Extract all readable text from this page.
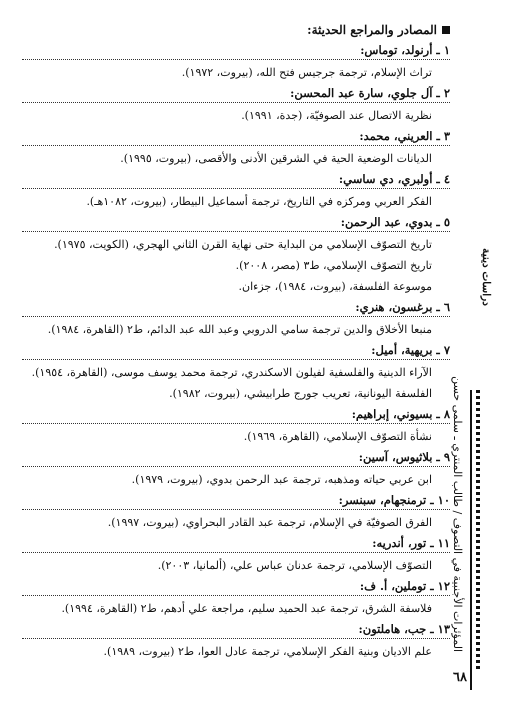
المصادر والمراجع الحديثة:
١ ـ أرنولد، توماس:
تراث الإسلام، ترجمة جرجيس فتح الله، (بيروت، ١٩٧٢).
٢ ـ آل جلوي، سارة عبد المحسن:
نظرية الاتصال عند الصوفيّة، (جدة، ١٩٩١).
٣ ـ العريني، محمد:
الديانات الوضعية الحية في الشرقين الأدنى والأقصى، (بيروت، ١٩٩٥).
٤ ـ أولبري، دي ساسي:
الفكر العربي ومركزه في التاريخ، ترجمة أسماعيل البيطار، (بيروت، ١٠٨٢هـ).
٥ ـ بدوي، عبد الرحمن:
تاريخ التصوّف الإسلامي من البداية حتى نهاية القرن الثاني الهجري، (الكويت، ١٩٧٥).
تاريخ التصوّف الإسلامي، ط٣ (مصر، ٢٠٠٨).
موسوعة الفلسفة، (بيروت، ١٩٨٤)، جزءان.
٦ ـ برغسون، هنري:
منبعا الأخلاق والدين ترجمة سامي الدروبي وعبد الله عبد الدائم، ط٢ (القاهرة، ١٩٨٤).
٧ ـ بريهية، أميل:
الآراء الدينية والفلسفية لفيلون الاسكندري، ترجمة محمد يوسف موسى، (القاهرة، ١٩٥٤).
الفلسفة اليونانية، تعريب جورج طرابيشي، (بيروت، ١٩٨٢).
٨ ـ بسيوني، إبراهيم:
نشأة التصوّف الإسلامي، (القاهرة، ١٩٦٩).
٩ ـ بلاثيوس، آسين:
ابن عربي حياته ومذهبه، ترجمة عبد الرحمن بدوي، (بيروت، ١٩٧٩).
١٠ ـ ترمنجهام، سبنسر:
الفرق الصوفيّة في الإسلام، ترجمة عبد القادر البحراوي، (بيروت، ١٩٩٧).
١١ ـ تور، أندريه:
التصوّف الإسلامي، ترجمة عدنان عباس علي، (ألمانيا، ٢٠٠٣).
١٢ ـ توملين، أ. ف:
فلاسفة الشرق، ترجمة عبد الحميد سليم، مراجعة علي أدهم، ط٢ (القاهرة، ١٩٩٤).
١٣ ـ جب، هاملتون:
علم الاديان وبنية الفكر الإسلامي، ترجمة عادل العوا، ط٢ (بيروت، ١٩٨٩).
دراسات دينية
المؤثرات الأجنبية في التصوف / طالب المنتري ـ سلمى حسن
٦٨
